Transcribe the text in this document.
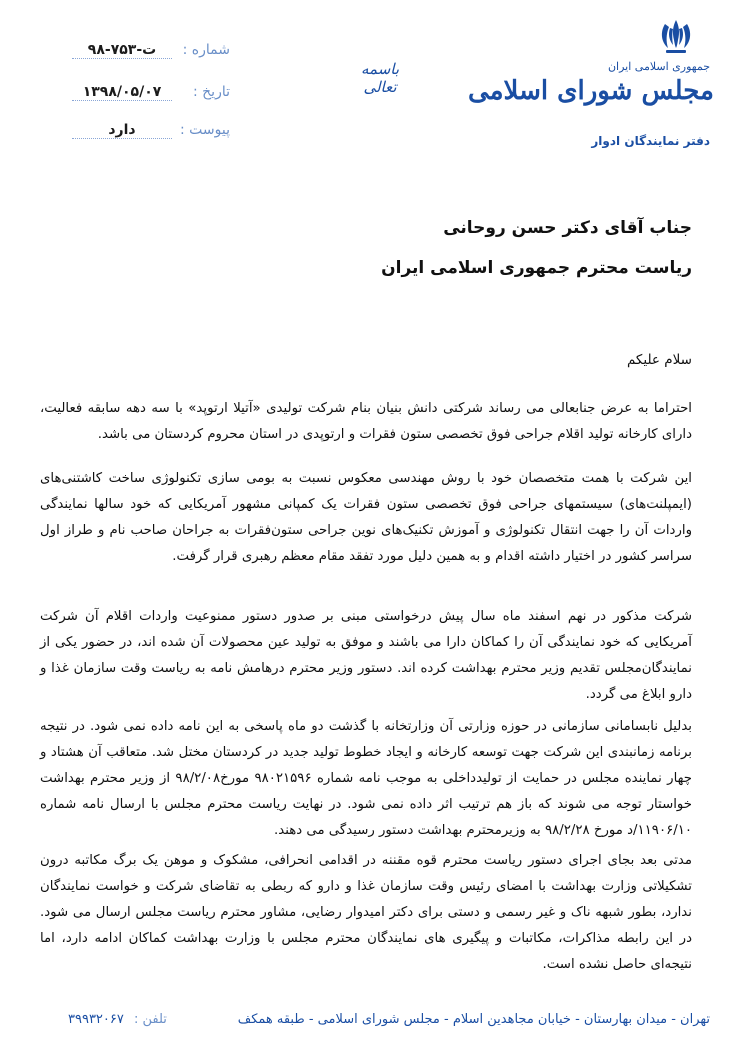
جمهوری اسلامی ایران
مجلس شورای اسلامی
دفتر نمایندگان ادوار
باسمه تعالی
شماره :
ت-۷۵۳-۹۸
تاریخ :
۱۳۹۸/۰۵/۰۷
پیوست :
دارد
جناب آقای دکتر حسن روحانی
ریاست محترم جمهوری اسلامی ایران
سلام علیکم

احتراما به عرض جنابعالی می رساند شرکتی دانش بنیان بنام شرکت تولیدی «آتیلا ارتوپد» با سه دهه سابقه فعالیت، دارای کارخانه تولید اقلام جراحی فوق تخصصی ستون فقرات و ارتوپدی در استان محروم کردستان می باشد.

این شرکت با همت متخصصان خود با روش مهندسی معکوس نسبت به بومی سازی تکنولوژی ساخت کاشتنی‌های (ایمپلنت‌های) سیستمهای جراحی فوق تخصصی ستون فقرات یک کمپانی مشهور آمریکایی که خود سالها نمایندگی واردات آن را جهت انتقال تکنولوژی و آموزش تکنیک‌های نوین جراحی ستون‌فقرات به جراحان صاحب نام و طراز اول سراسر کشور در اختیار داشته اقدام و به همین دلیل مورد تفقد مقام معظم رهبری قرار گرفت.

شرکت مذکور در نهم اسفند ماه سال پیش درخواستی مبنی بر صدور دستور ممنوعیت واردات اقلام آن شرکت آمریکایی که خود نمایندگی آن را کماکان دارا می باشند و موفق به تولید عین محصولات آن شده اند، در حضور یکی از نمایندگان‌مجلس تقدیم وزیر محترم بهداشت کرده اند. دستور وزیر محترم درهامش نامه به ریاست وقت سازمان غذا و دارو ابلاغ می گردد.

بدلیل نابسامانی سازمانی در حوزه وزارتی آن وزارتخانه با گذشت دو ماه پاسخی به این نامه داده نمی شود. در نتیجه برنامه زمانبندی این شرکت جهت توسعه کارخانه و ایجاد خطوط تولید جدید در کردستان مختل شد. متعاقب آن هشتاد و چهار نماینده مجلس در حمایت از تولیدداخلی به موجب نامه شماره ۹۸۰۲۱۵۹۶ مورخ۹۸/۲/۰۸ از وزیر محترم بهداشت خواستار توجه می شوند که باز هم ترتیب اثر داده نمی شود. در نهایت ریاست محترم مجلس با ارسال نامه شماره ۱۱۹۰۶/۱۰/د مورخ ۹۸/۲/۲۸ به وزیرمحترم بهداشت دستور رسیدگی می دهند.

مدتی بعد بجای اجرای دستور ریاست محترم قوه مقننه در اقدامی انحرافی، مشکوک و موهن یک برگ مکاتبه درون تشکیلاتی وزارت بهداشت با امضای رئیس وقت سازمان غذا و دارو که ربطی به تقاضای شرکت و خواست نمایندگان ندارد، بطور شبهه ناک و غیر رسمی و دستی برای دکتر امیدوار رضایی، مشاور محترم ریاست مجلس ارسال می شود. در این رابطه مذاکرات، مکاتبات و پیگیری های نمایندگان محترم مجلس با وزارت بهداشت کماکان ادامه دارد، اما نتیجه‌ای حاصل نشده است.

تهران - میدان بهارستان - خیابان مجاهدین اسلام - مجلس شورای اسلامی - طبقه همکف
تلفن : ۳۹۹۳۲۰۶۷
